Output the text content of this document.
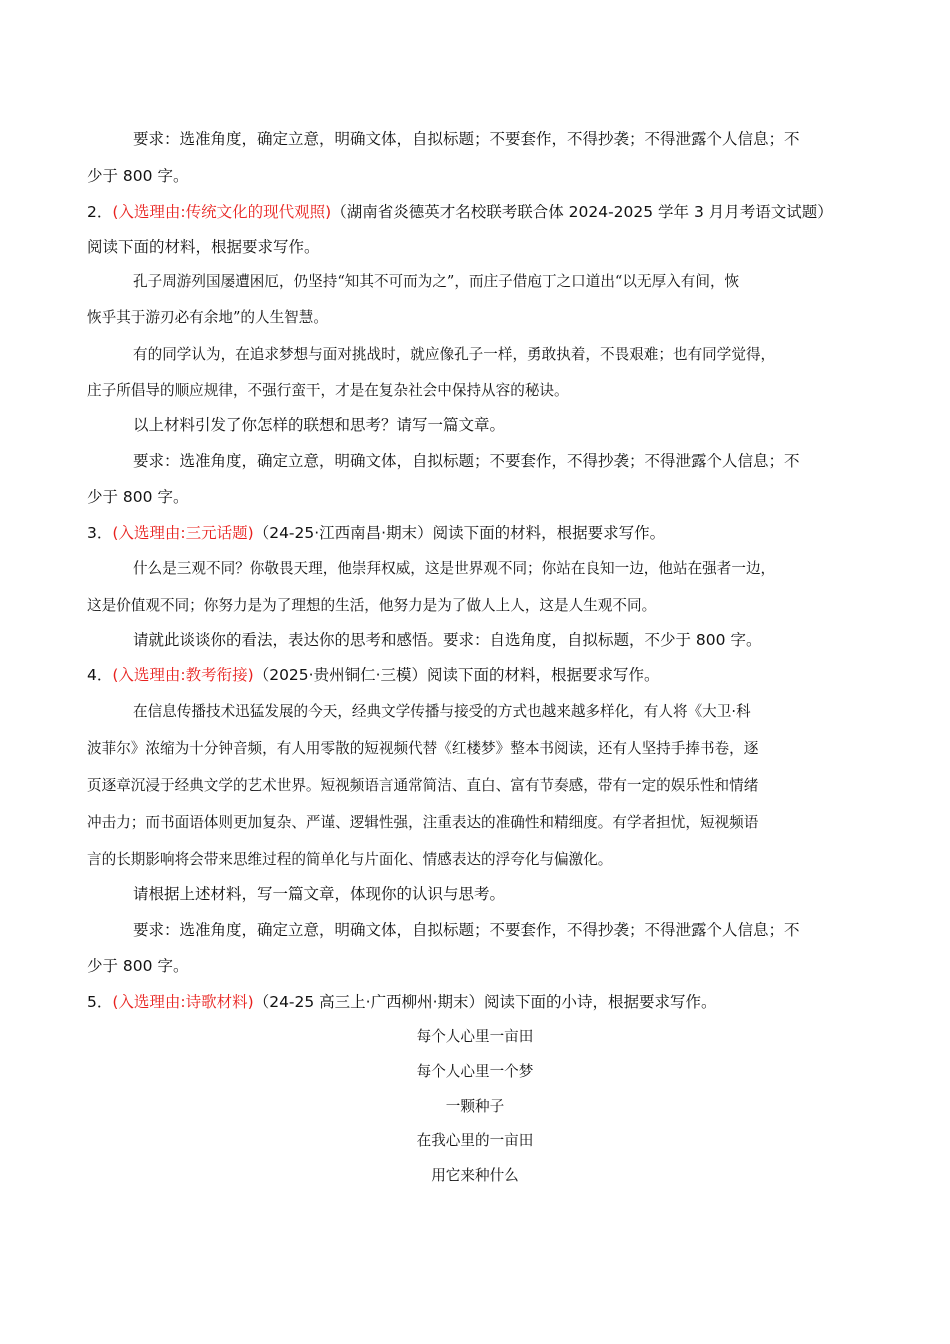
要求：选准角度，确定立意，明确文体，自拟标题；不要套作，不得抄袭；不得泄露个人信息；不
少于 800 字。
2．(入选理由:传统文化的现代观照)（湖南省炎德英才名校联考联合体 2024-2025 学年 3 月月考语文试题）
阅读下面的材料，根据要求写作。
孔子周游列国屡遭困厄，仍坚持“知其不可而为之”，而庄子借庖丁之口道出“以无厚入有间，恢
恢乎其于游刃必有余地”的人生智慧。
有的同学认为，在追求梦想与面对挑战时，就应像孔子一样，勇敢执着，不畏艰难；也有同学觉得，
庄子所倡导的顺应规律，不强行蛮干，才是在复杂社会中保持从容的秘诀。
以上材料引发了你怎样的联想和思考？请写一篇文章。
要求：选准角度，确定立意，明确文体，自拟标题；不要套作，不得抄袭；不得泄露个人信息；不
少于 800 字。
3．(入选理由:三元话题)（24-25·江西南昌·期末）阅读下面的材料，根据要求写作。
什么是三观不同？你敬畏天理，他崇拜权威，这是世界观不同；你站在良知一边，他站在强者一边，
这是价值观不同；你努力是为了理想的生活，他努力是为了做人上人，这是人生观不同。
请就此谈谈你的看法，表达你的思考和感悟。要求：自选角度，自拟标题，不少于 800 字。
4．(入选理由:教考衔接)（2025·贵州铜仁·三模）阅读下面的材料，根据要求写作。
在信息传播技术迅猛发展的今天，经典文学传播与接受的方式也越来越多样化，有人将《大卫·科
波菲尔》浓缩为十分钟音频，有人用零散的短视频代替《红楼梦》整本书阅读，还有人坚持手捧书卷，逐
页逐章沉浸于经典文学的艺术世界。短视频语言通常简洁、直白、富有节奏感，带有一定的娱乐性和情绪
冲击力；而书面语体则更加复杂、严谨、逻辑性强，注重表达的准确性和精细度。有学者担忧，短视频语
言的长期影响将会带来思维过程的简单化与片面化、情感表达的浮夸化与偏激化。
请根据上述材料，写一篇文章，体现你的认识与思考。
要求：选准角度，确定立意，明确文体，自拟标题；不要套作，不得抄袭；不得泄露个人信息；不
少于 800 字。
5．(入选理由:诗歌材料)（24-25 高三上·广西柳州·期末）阅读下面的小诗，根据要求写作。
每个人心里一亩田
每个人心里一个梦
一颗种子
在我心里的一亩田
用它来种什么
